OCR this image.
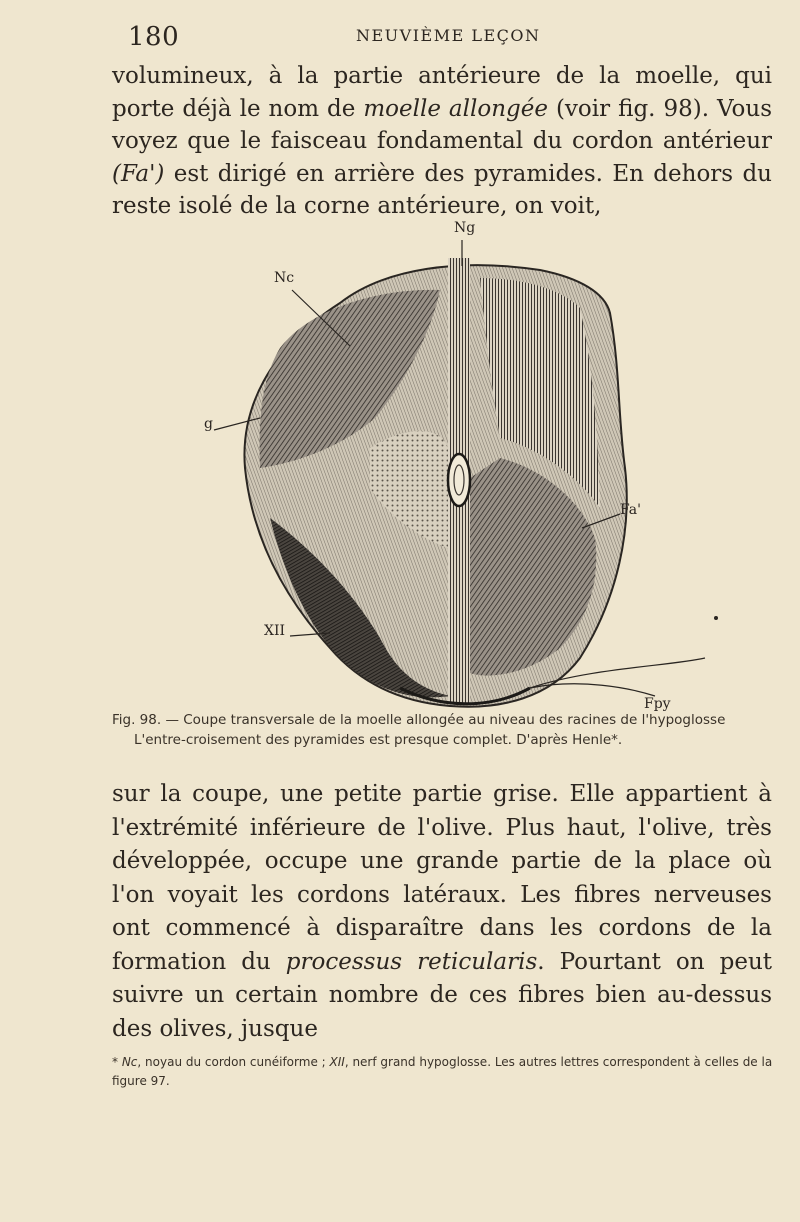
180	NEUVIÈME LEÇON

volumineux, à la partie antérieure de la moelle, qui porte déjà le nom de moelle allongée (voir fig. 98). Vous voyez que le faisceau fondamental du cordon antérieur (Fa') est dirigé en arrière des pyramides. En dehors du reste isolé de la corne antérieure, on voit,

Ng
Nc
g
Fa'
XII
Fpy

Fig. 98. — Coupe transversale de la moelle allongée au niveau des racines de l'hypoglosse
L'entre-croisement des pyramides est presque complet. D'après Henle*.

sur la coupe, une petite partie grise. Elle appartient à l'extrémité inférieure de l'olive. Plus haut, l'olive, très développée, occupe une grande partie de la place où l'on voyait les cordons latéraux. Les fibres nerveuses ont commencé à disparaître dans les cordons de la formation du processus reticularis. Pourtant on peut suivre un certain nombre de ces fibres bien au-dessus des olives, jusque

* Nc, noyau du cordon cunéiforme ; XII, nerf grand hypoglosse. Les autres lettres correspondent à celles de la figure 97.
